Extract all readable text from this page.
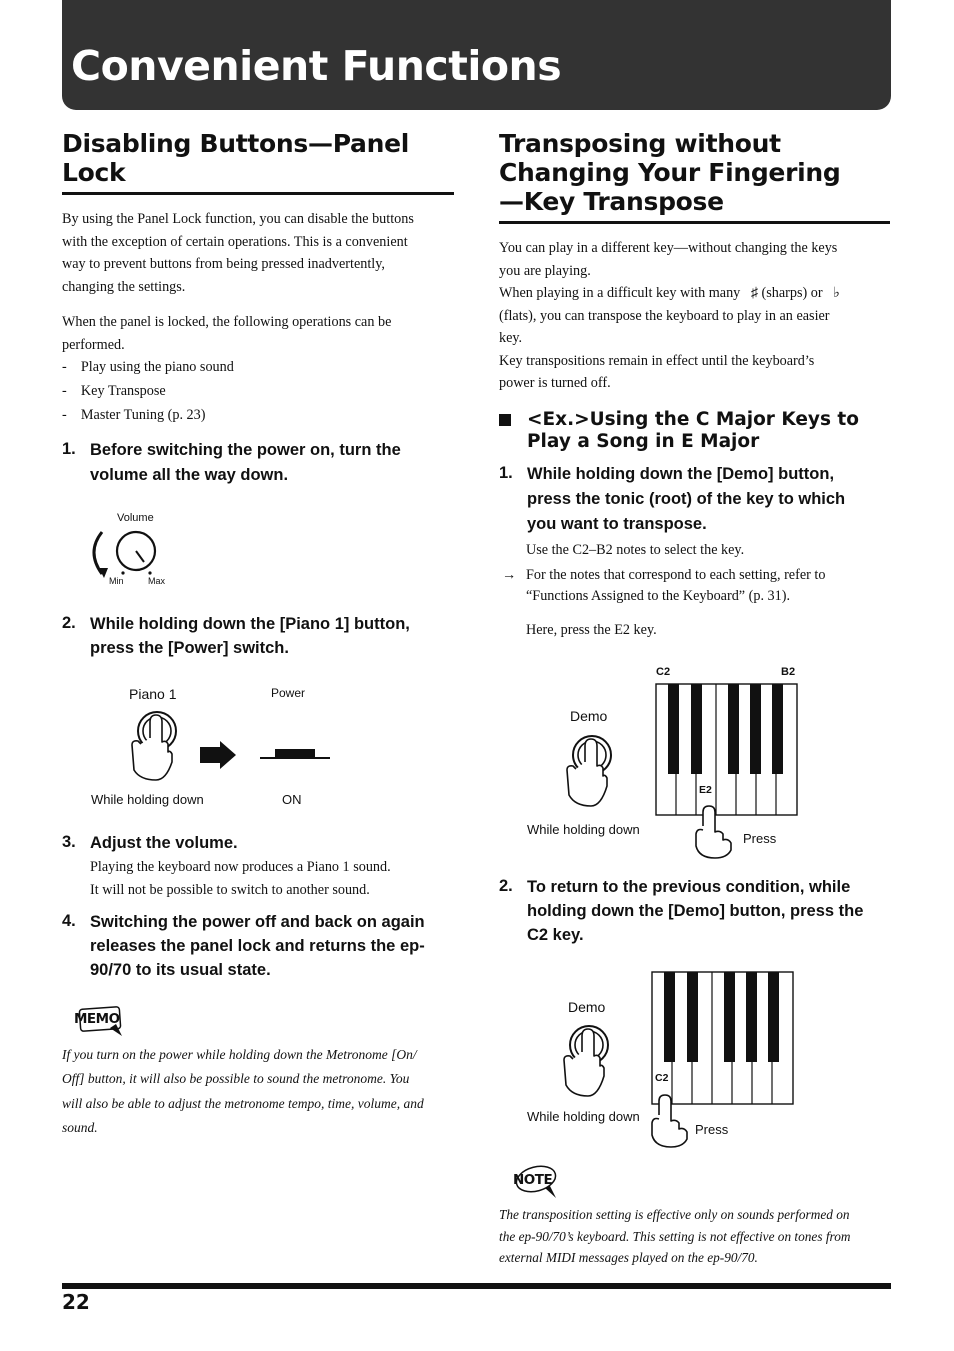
Convenient Functions
Disabling Buttons—Panel
Lock

By using the Panel Lock function, you can disable the buttons

with the exception of certain operations. This is a convenient

way to prevent buttons from being pressed inadvertently,

changing the settings.

When the panel is locked, the following operations can be

performed.

-    Play using the piano sound

-    Key Transpose

-    Master Tuning (p. 23)

1. Before switching the power on, turn the

volume all the way down.

Volume
Min	Max
2. While holding down the [Piano 1] button,

press the [Power] switch.

Piano 1	Power
While holding down	ON
3. Adjust the volume.

Playing the keyboard now produces a Piano 1 sound.

It will not be possible to switch to another sound.

4. Switching the power off and back on again

releases the panel lock and returns the ep-

90/70 to its usual state.

MEMO

If you turn on the power while holding down the Metronome [On/

Off] button, it will also be possible to sound the metronome. You

will also be able to adjust the metronome tempo, time, volume, and

sound.

Transposing without
Changing Your Fingering
—Key Transpose

You can play in a different key—without changing the keys

you are playing.

When playing in a difficult key with many ♯ (sharps) or ♭

(flats), you can transpose the keyboard to play in an easier

key.

Key transpositions remain in effect until the keyboard’s

power is turned off.

<Ex.>Using the C Major Keys to
Play a Song in E Major
1. While holding down the [Demo] button,

press the tonic (root) of the key to which

you want to transpose.

Use the C2–B2 notes to select the key.

→ For the notes that correspond to each setting, refer to

“Functions Assigned to the Keyboard” (p. 31).

Here, press the E2 key.

C2	B2
Demo
E2
While holding down
Press
2. To return to the previous condition, while

holding down the [Demo] button, press the

C2 key.

Demo
C2
While holding down
Press
NOTE

The transposition setting is effective only on sounds performed on

the ep-90/70’s keyboard. This setting is not effective on tones from

external MIDI messages played on the ep-90/70.

22
